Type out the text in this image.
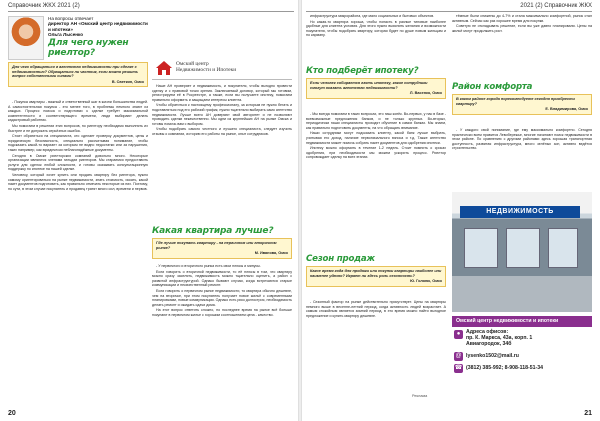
Справочник ЖКХ 2021 (2)
На вопросы отвечает
директор АН «Омский центр недвижимости и ипотеки»
Ольга Лысенко
Для чего нужен риелтор?
Для чего обращаться в агентство недвижимости при сделке с недвижимостью? Обращаться ли частник, если можно решить вопрос собственными силами?
В. Светкин, Омск
Омский центр
Недвижимости и Ипотеки

- Покупка квартиры - важный и ответственный шаг в жизни большинства людей. А самостоятельная покупка - это менее того, в проблемы немного знают из каждых. Процесс поиска и подготовки к сделке требует максимальной компетентности и соответствующего времени, люди выбирают делать кадастровый работник.

Мы помогаем в решении этих вопросов, но риелтору необходимо выполнять их быстрее и не допускать серьёзных ошибок.

Стоит обратиться на специалиста, кто сделает проверку документов, цены и юридическую безопасность, специально рассчитывая понимание, чтобы подсказать какой-то вариант за которым не видно недостатки или за нарушения, таких например, как юридически неблагонадёжные документы.

Сегодня в Омске риелторских компаний довольно много. Некоторые организации являются членами гильдии риелторов. Мы стараемся предоставить услуги для сделок любой сложности, и готовы оказывать консультационную поддержку по ипотеке на нашей сделке.

Человеку, который хочет купить или продать квартиру без риелтора, нужно самому ориентироваться на рынке недвижимости, знать стоимость, искать, какой пакет документов подготовить, как правильно отмечать некоторые из них. Поэтому, по сути, в этом случае покупатель и продавец тратят много сил, времени и нервов.

Наше АН проверяет и недвижимость, и покупателя, чтобы выгодно провести сделку и с правовой точки зрения. Заключаемый договор, который мы готовим, регистрируем её в Росреестре, а также, если вы получаете ипотеку, помогаем правильно оформить и защищаем интересы клиента.

Чтобы обратиться к настоящему профессионалу, за которым не нужно бегать и подставляться под его рабочий график, нужно тщательно выбирать само агентство недвижимости. Лучше всего АН доверяют свой авторитет и не позволяют проводить сделки некачественно. Мы одни из крупнейших АН на рынке Омска и готовы помочь вам с выбором.

Чтобы подобрать самого честного и лучшего специалиста, следует изучить отзывы о компании, историю его работы на рынке, опыт сотрудников.

Какая квартира лучше?
Где лучше покупать квартиру - на первичном или вторичном рынке?
М. Иванова, Омск

- У первичного и вторичного рынка есть свои плюсы и минусы.

Если говорить о вторичной недвижимости, то её плюсы в том, что квартиру можно сразу заселять, недвижимость можно тщательно оценить, а район с развитой инфраструктурой. Однако бывают случаи, когда встречаются старые коммуникации и некачественный ремонт.

Если говорить о первичном рынке недвижимости, то квартира обычно дешевле, чем на вторичке, при этом покупатель получает новое жильё с современными планировками, новые коммуникации. Однако есть риск долгостроя, необходимость делать ремонт и ожидать сдачи дома.

На этот вопрос ответить сложно, но последнее время на рынке всё больше покупают в первичном жилье с хорошим соотношением цена - качество.

20
2021 (2) Справочник ЖКХ

инфраструктура микрорайона, где мало социальных и бытовых объектов.

Но какая-то квартира хороша, чтобы попасть в разные типовые наиболее удобные для клиента условия. Для этого нужно выяснить желания и возможности покупателя, чтобы подобрать квартиру, которая будет по душе новым жильцам и по карману.

Кто подберёт ипотеку?
Если человек собирается взять ипотеку, какие сотрудники смогут оказать агентство недвижимости?
Л. Васенко, Омск

- Мы всегда помогаем в таких вопросах, это наш конёк. Во-первых, у нас в базе - всевозможные предложения банков, и не только крупных. Во-вторых, периодически наши специалисты проходят обучение в самих банках. Мы знаем, как правильно подготовить документы, на что обращать внимание.

Наши сотрудники могут подсказать клиенту, какой банк лучше выбрать, учитывая его доход, наличие первоначального взноса и т.д. Также агентство недвижимости может помочь собрать пакет документов для одобрения ипотеки.

Ипотеку можно оформить в течение 1-2 недель. Стоит помнить о сроках одобрения, при необходимости мы можем ускорить процесс. Риелтор сопровождает сделку на всех этапах.

Сезон продаж
Какое время года для продажи или покупки квартиры наиболее или наименее удачно? Играет ли здесь роль сезонность?
Ю. Голоюк, Омск

- Сезонный фактор на рынке действительно присутствует. Цены на квартиры немного выше в весенне-летний период, когда активность людей возрастает. А самым спокойным является зимний период, в это время можно найти выгодное предложение и купить квартиру дешевле.

тёмные были снижены до 4-7% и стала максимально комфортной, рынок стал активным. Сейчас как раз хорошее время для покупки.

Советую не откладывать решение, если вы уже давно планировали. Цены на жильё могут продолжить рост.

Район комфорта
В каком районе города порекомендуете сегодня приобрести квартиру?
Е. Владимирова, Омск

- У каждого свой понимание, где ему максимально комфортно. Сегодня практически всем нравится Левобережье, многие начинают поиск недвижимости в этом районе. По сравнению с другими районами здесь хорошая транспортная доступность, развитая инфраструктура, много зелёных зон, активно ведётся строительство.

НЕДВИЖИМОСТЬ
Реклама
Омский центр недвижимости и ипотеки
●	Адреса офисов:
пр. К. Маркса, 43а, корп. 1
Авиагородок, 34б
@ lysenko1502@mail.ru
☎ (3812) 385-992; 8-908-118-51-34
21
